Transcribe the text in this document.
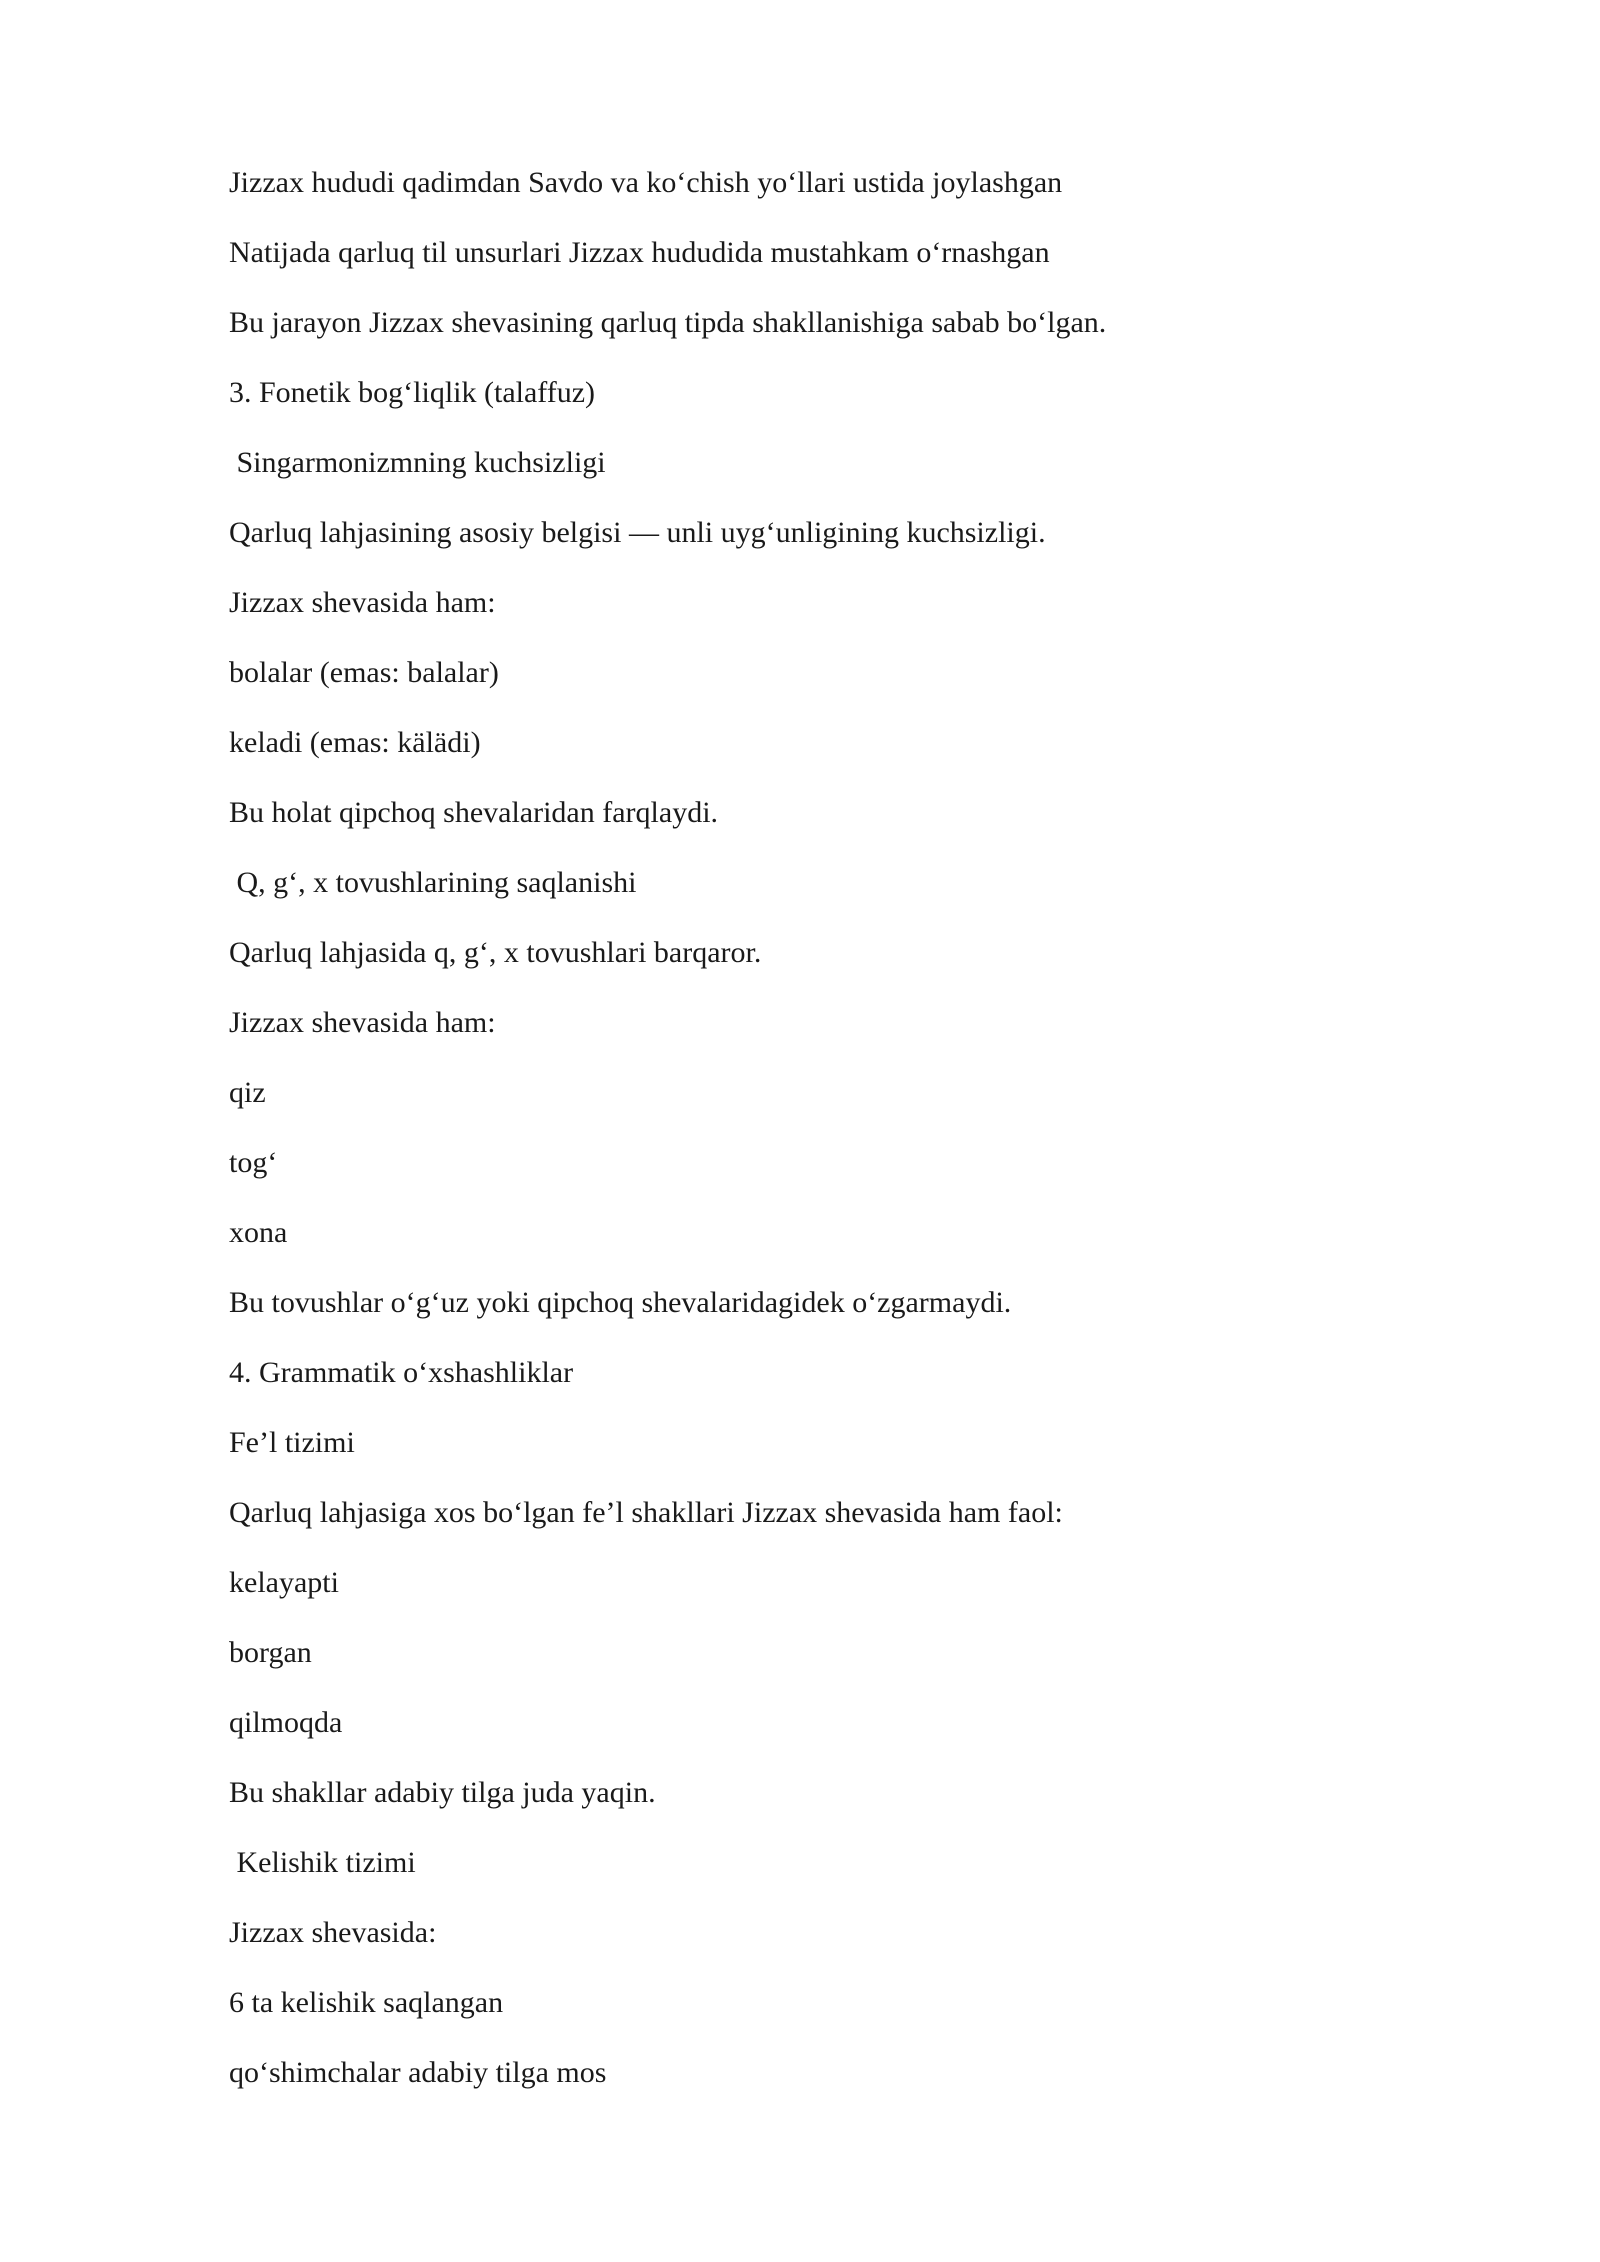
Jizzax hududi qadimdan Savdo va ko‘chish yo‘llari ustida joylashgan

Natijada qarluq til unsurlari Jizzax hududida mustahkam o‘rnashgan

Bu jarayon Jizzax shevasining qarluq tipda shakllanishiga sabab bo‘lgan.

3. Fonetik bog‘liqlik (talaffuz)

Singarmonizmning kuchsizligi

Qarluq lahjasining asosiy belgisi — unli uyg‘unligining kuchsizligi.

Jizzax shevasida ham:

bolalar (emas: balalar)

keladi (emas: kälädi)

Bu holat qipchoq shevalaridan farqlaydi.

Q, g‘, x tovushlarining saqlanishi

Qarluq lahjasida q, g‘, x tovushlari barqaror.

Jizzax shevasida ham:

qiz

tog‘

xona

Bu tovushlar o‘g‘uz yoki qipchoq shevalaridagidek o‘zgarmaydi.

4. Grammatik o‘xshashliklar

Fe’l tizimi

Qarluq lahjasiga xos bo‘lgan fe’l shakllari Jizzax shevasida ham faol:

kelayapti

borgan

qilmoqda

Bu shakllar adabiy tilga juda yaqin.

Kelishik tizimi

Jizzax shevasida:

6 ta kelishik saqlangan

qo‘shimchalar adabiy tilga mos
